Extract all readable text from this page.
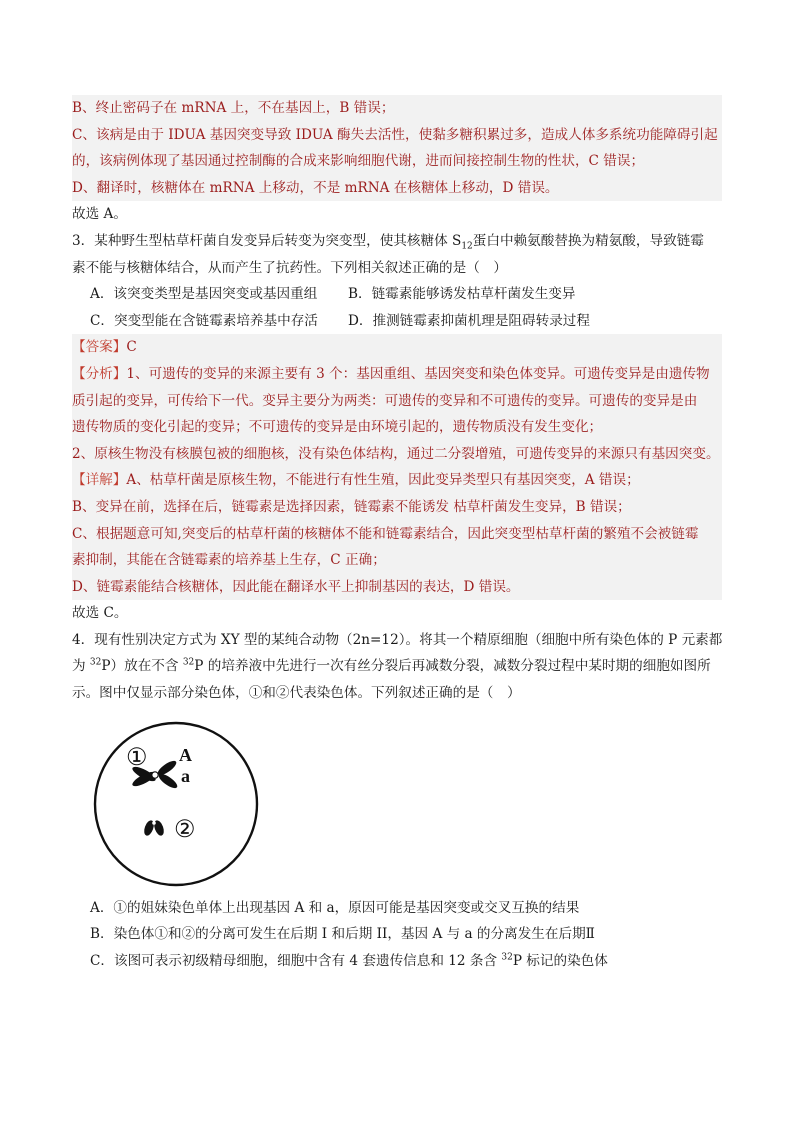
B、终止密码子在 mRNA 上，不在基因上，B 错误；
C、该病是由于 IDUA 基因突变导致 IDUA 酶失去活性，使黏多糖积累过多，造成人体多系统功能障碍引起
的，该病例体现了基因通过控制酶的合成来影响细胞代谢，进而间接控制生物的性状，C 错误；
D、翻译时，核糖体在 mRNA 上移动，不是 mRNA 在核糖体上移动，D 错误。
故选 A。
3．某种野生型枯草杆菌自发变异后转变为突变型，使其核糖体 $S_{12}$蛋白中赖氨酸替换为精氨酸，导致链霉
素不能与核糖体结合，从而产生了抗药性。下列相关叙述正确的是（　）
A．该突变类型是基因突变或基因重组	B．链霉素能够诱发枯草杆菌发生变异
C．突变型能在含链霉素培养基中存活	D．推测链霉素抑菌机理是阻碍转录过程
【答案】C
【分析】1、可遗传的变异的来源主要有 3 个：基因重组、基因突变和染色体变异。可遗传变异是由遗传物
质引起的变异，可传给下一代。变异主要分为两类：可遗传的变异和不可遗传的变异。可遗传的变异是由
遗传物质的变化引起的变异；不可遗传的变异是由环境引起的，遗传物质没有发生变化；
2、原核生物没有核膜包被的细胞核，没有染色体结构，通过二分裂增殖，可遗传变异的来源只有基因突变。
【详解】A、枯草杆菌是原核生物，不能进行有性生殖，因此变异类型只有基因突变，A 错误；
B、变异在前，选择在后，链霉素是选择因素，链霉素不能诱发 枯草杆菌发生变异，B 错误；
C、根据题意可知,突变后的枯草杆菌的核糖体不能和链霉素结合，因此突变型枯草杆菌的繁殖不会被链霉
素抑制，其能在含链霉素的培养基上生存，C 正确；
D、链霉素能结合核糖体，因此能在翻译水平上抑制基因的表达，D 错误。
故选 C。
4．现有性别决定方式为 XY 型的某纯合动物（2n=12）。将其一个精原细胞（细胞中所有染色体的 P 元素都
为 $^{32}$P）放在不含 $^{32}$P 的培养液中先进行一次有丝分裂后再减数分裂，减数分裂过程中某时期的细胞如图所
示。图中仅显示部分染色体，①和②代表染色体。下列叙述正确的是（　）
① A
a
②
A．①的姐妹染色单体上出现基因 A 和 a，原因可能是基因突变或交叉互换的结果
B．染色体①和②的分离可发生在后期 I 和后期 II，基因 A 与 a 的分离发生在后期Ⅱ
C．该图可表示初级精母细胞，细胞中含有 4 套遗传信息和 12 条含 $^{32}$P 标记的染色体
